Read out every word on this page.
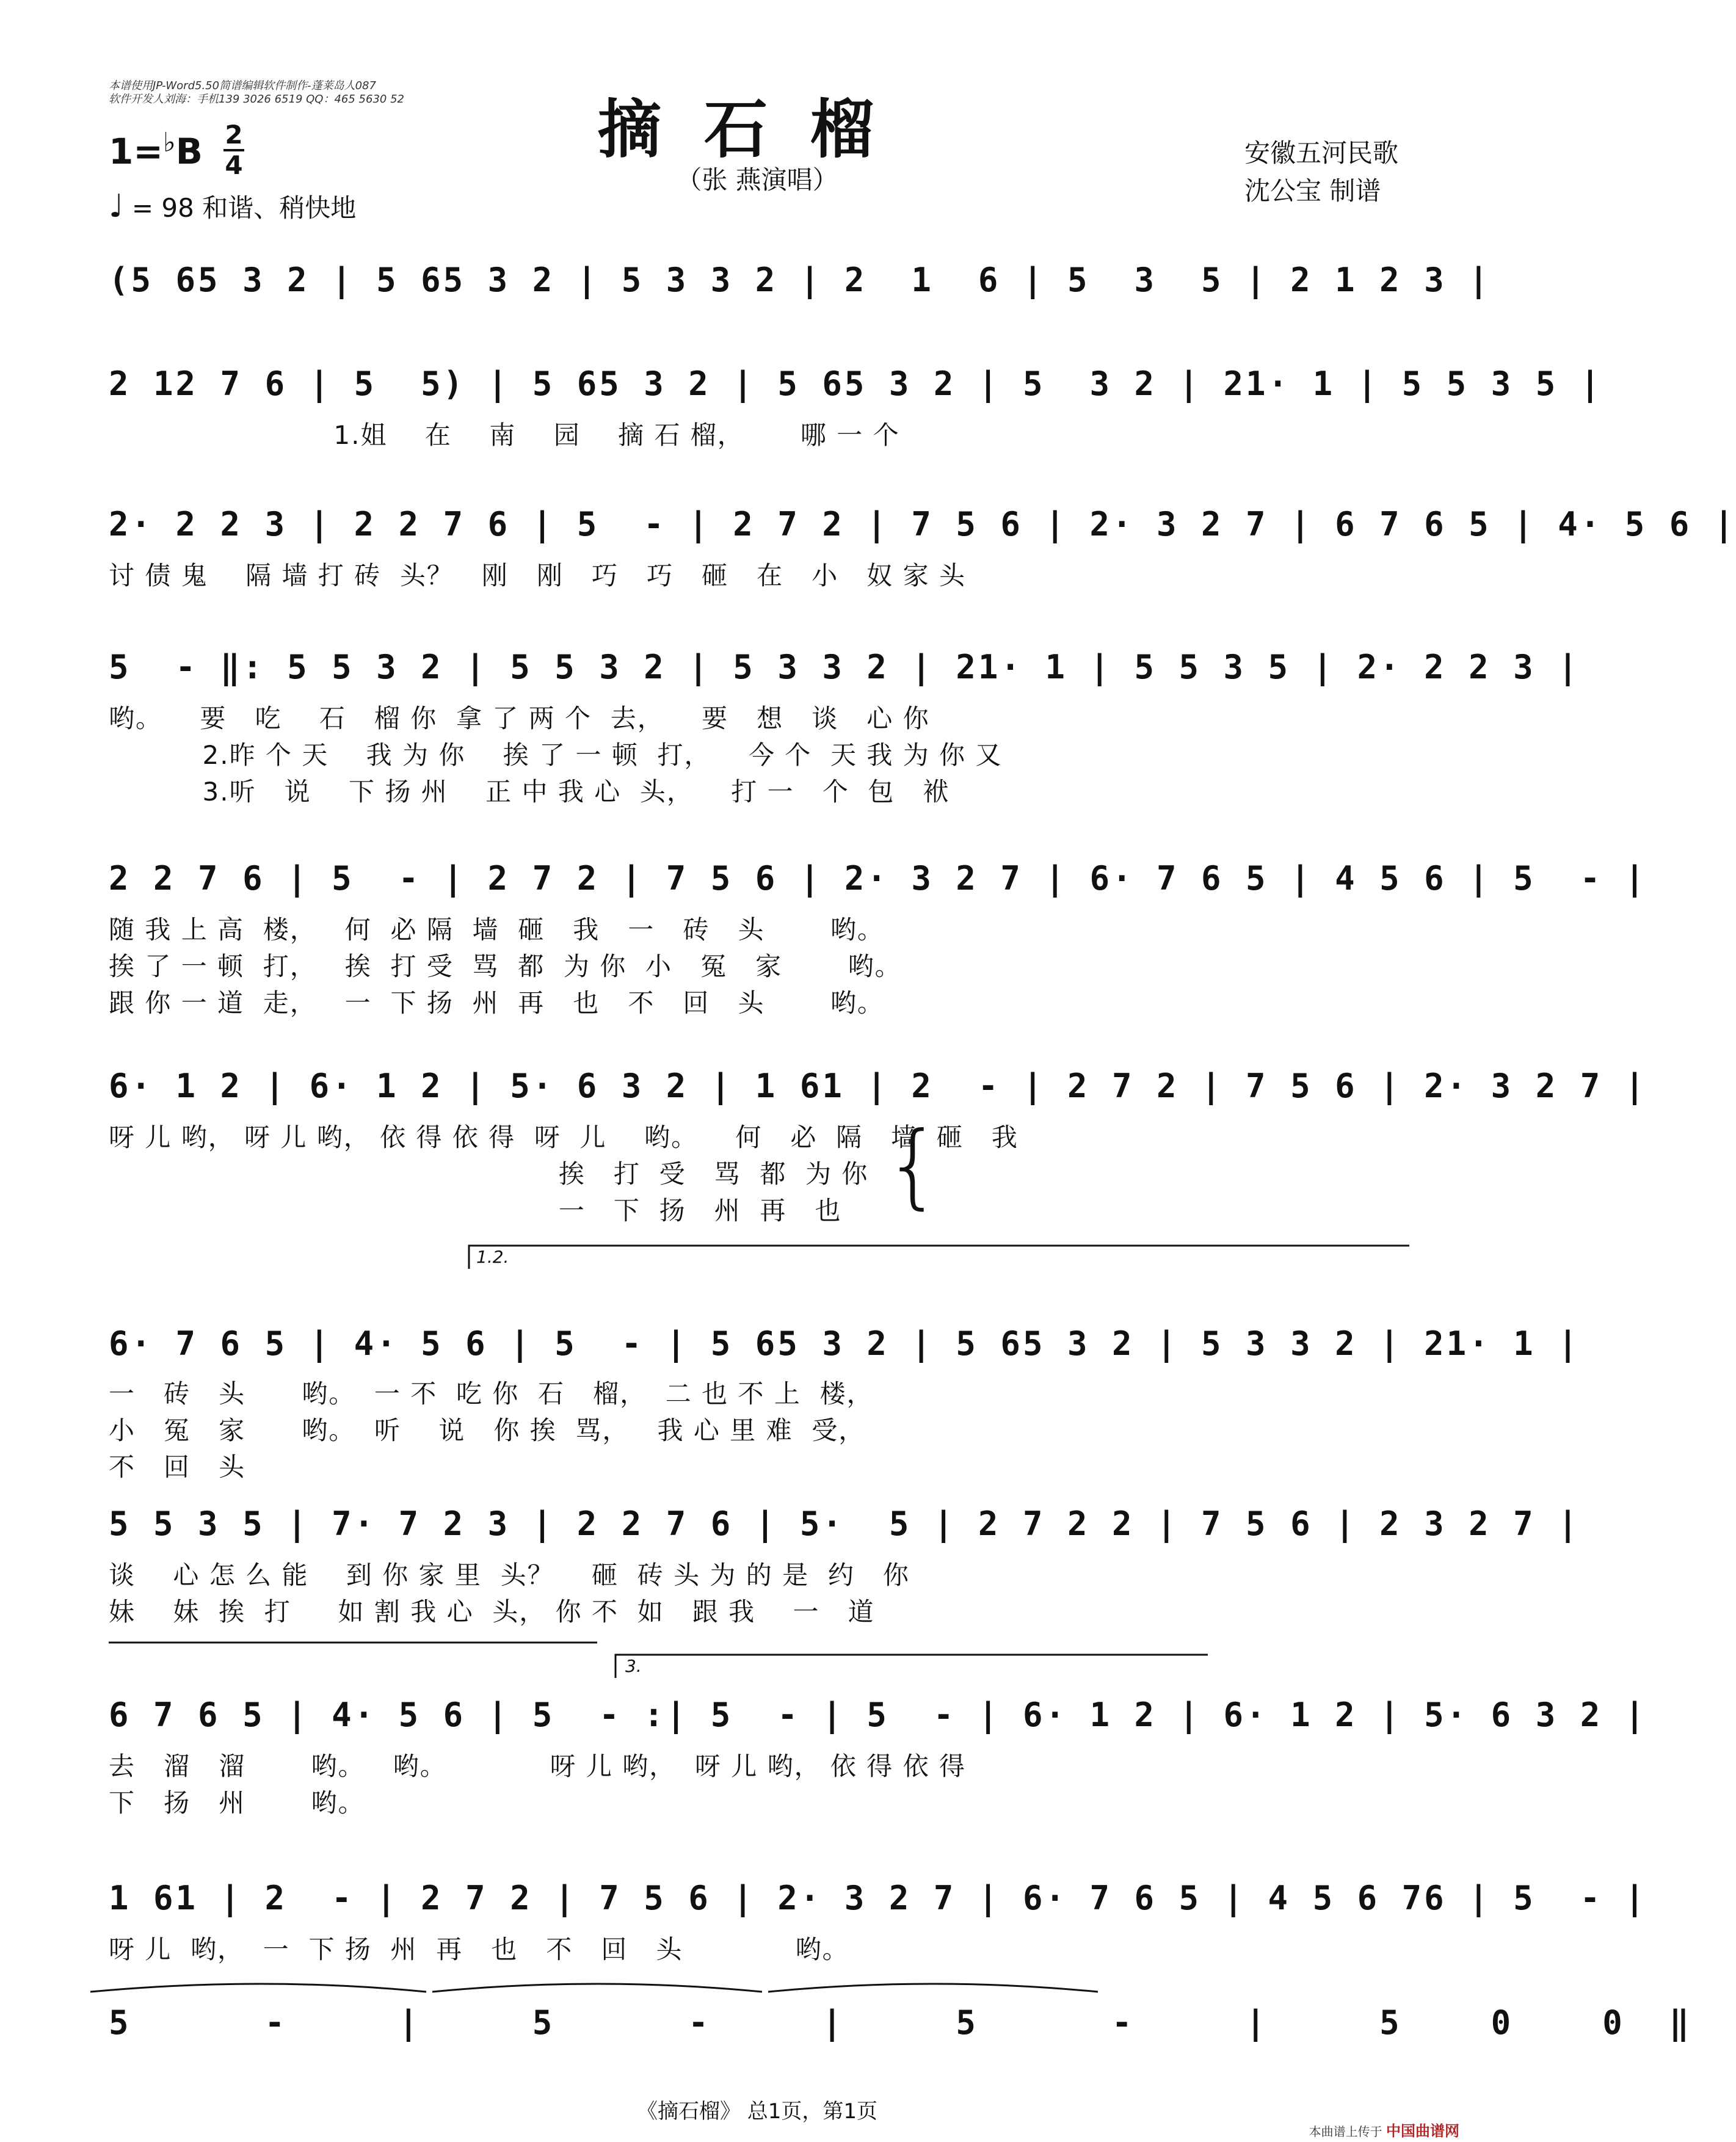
本谱使用JP-Word5.50简谱编辑软件制作-蓬莱岛人087
软件开发人刘海：手机139 3026 6519 QQ：465 5630 52	摘石榴
（张 燕演唱）
1=♭B 2
4
♩ = 98 和谐、稍快地
安徽五河民歌
沈公宝 制谱
(5 65 3 2 | 5 65 3 2 | 5 3 3 2 | 2  1  6 | 5  3  5 | 2 1 2 3 |
2 12 7 6 | 5  5) | 5 65 3 2 | 5 65 3 2 | 5  3 2 | 21· 1 | 5 5 3 5 |
1.姐    在    南    园    摘 石 榴，      哪 一 个
2· 2 2 3 | 2 2 7 6 | 5  - | 2 7 2 | 7 5 6 | 2· 3 2 7 | 6 7 6 5 | 4· 5 6 |
讨 债 鬼    隔 墙 打 砖  头？   刚   刚   巧   巧   砸   在   小   奴 家 头
5  - ‖: 5 5 3 2 | 5 5 3 2 | 5 3 3 2 | 21· 1 | 5 5 3 5 | 2· 2 2 3 |
哟。    要   吃    石   榴 你  拿 了 两 个  去，    要   想   谈   心 你
2.昨 个 天    我 为 你    挨 了 一 顿  打，    今 个  天 我 为 你 又
3.听   说    下 扬 州    正 中 我 心  头，    打 一   个  包   袱
2 2 7 6 | 5  - | 2 7 2 | 7 5 6 | 2· 3 2 7 | 6· 7 6 5 | 4 5 6 | 5  - |
随 我 上 高  楼，   何  必 隔  墙  砸   我   一   砖   头       哟。
挨 了 一 顿  打，   挨  打 受  骂  都  为 你  小   冤   家       哟。
跟 你 一 道  走，   一  下 扬  州  再   也   不   回   头       哟。
6· 1 2 | 6· 1 2 | 5· 6 3 2 | 1 61 | 2  - | 2 7 2 | 7 5 6 | 2· 3 2 7 |
呀 儿 哟， 呀 儿 哟， 依 得 依 得  呀  儿    哟。    何   必  隔   墙  砸   我
挨   打  受   骂  都  为 你
一   下  扬   州  再   也 {
1.2.
6· 7 6 5 | 4· 5 6 | 5  - | 5 65 3 2 | 5 65 3 2 | 5 3 3 2 | 21· 1 |
一   砖   头      哟。  一 不  吃 你  石   榴，  二 也 不 上  楼，
小   冤   家      哟。  听    说   你 挨  骂，   我 心 里 难  受，
不   回   头
5 5 3 5 | 7· 7 2 3 | 2 2 7 6 | 5·  5 | 2 7 2 2 | 7 5 6 | 2 3 2 7 |
谈    心 怎 么 能    到 你 家 里  头？    砸  砖 头 为 的 是  约   你
妹    妹  挨  打     如 割 我 心  头， 你 不  如   跟 我    一   道
3.
6 7 6 5 | 4· 5 6 | 5  - :| 5  - | 5  - | 6· 1 2 | 6· 1 2 | 5· 6 3 2 |
去   溜   溜       哟。   哟。           呀 儿 哟，  呀 儿 哟， 依 得 依 得
下   扬   州       哟。
1 61 | 2  - | 2 7 2 | 7 5 6 | 2· 3 2 7 | 6· 7 6 5 | 4 5 6 76 | 5  - |
呀 儿  哟，  一  下 扬  州  再   也   不   回   头            哟。
5      -     |     5      -     |     5      -     |     5    0    0  ‖
《摘石榴》 总1页，第1页
本曲谱上传于 中国曲谱网
